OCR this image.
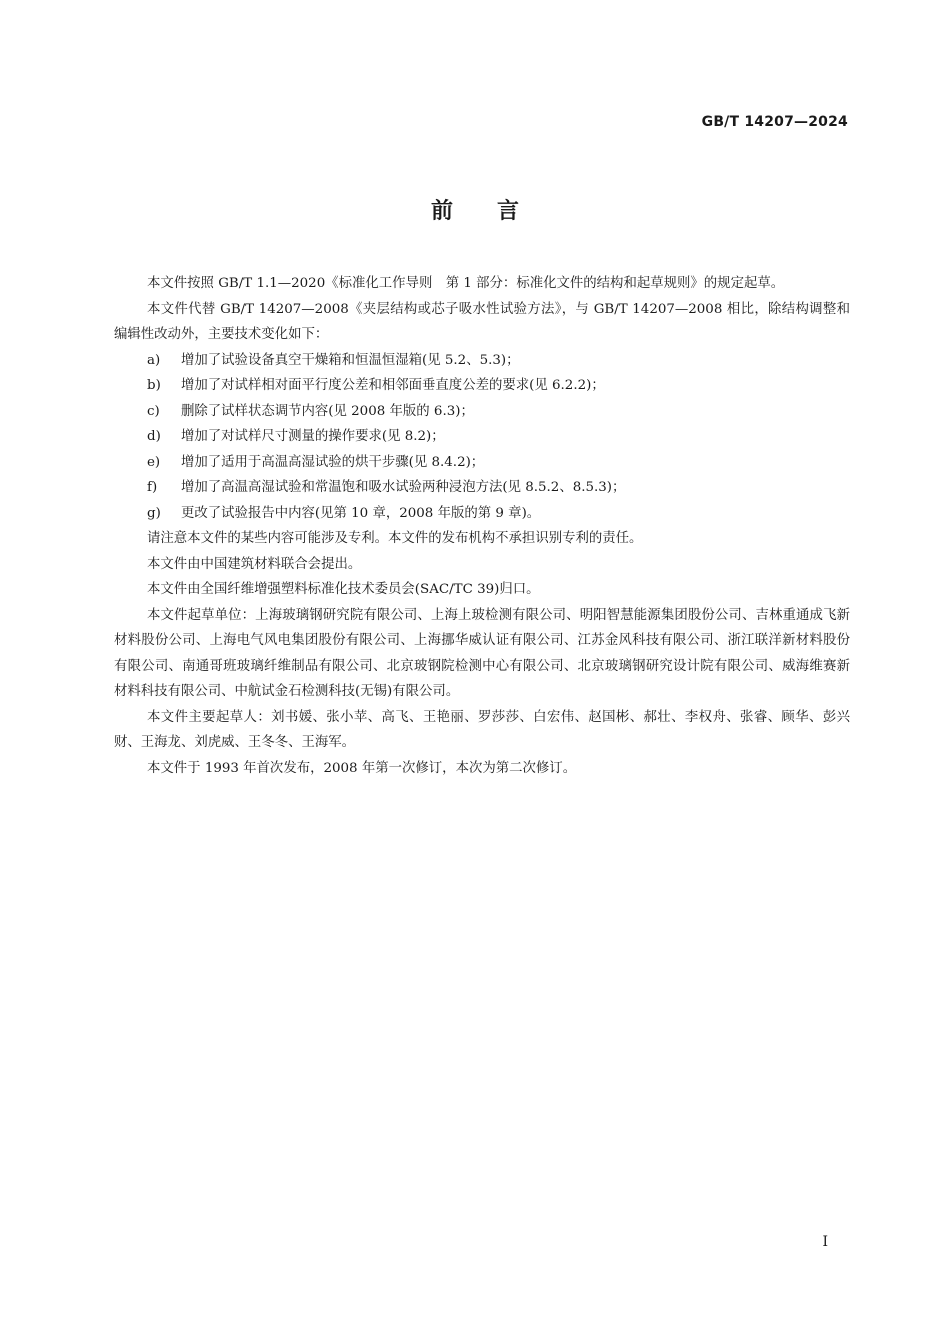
GB/T 14207—2024
前言

本文件按照 GB/T 1.1—2020《标准化工作导则　第 1 部分：标准化文件的结构和起草规则》的规定起草。

本文件代替 GB/T 14207—2008《夹层结构或芯子吸水性试验方法》，与 GB/T 14207—2008 相比，除结构调整和编辑性改动外，主要技术变化如下：

a)	增加了试验设备真空干燥箱和恒温恒湿箱(见 5.2、5.3)；
b)	增加了对试样相对面平行度公差和相邻面垂直度公差的要求(见 6.2.2)；
c)	删除了试样状态调节内容(见 2008 年版的 6.3)；
d)	增加了对试样尺寸测量的操作要求(见 8.2)；
e)	增加了适用于高温高湿试验的烘干步骤(见 8.4.2)；
f)	增加了高温高湿试验和常温饱和吸水试验两种浸泡方法(见 8.5.2、8.5.3)；
g)	更改了试验报告中内容(见第 10 章，2008 年版的第 9 章)。

请注意本文件的某些内容可能涉及专利。本文件的发布机构不承担识别专利的责任。

本文件由中国建筑材料联合会提出。

本文件由全国纤维增强塑料标准化技术委员会(SAC/TC 39)归口。

本文件起草单位：上海玻璃钢研究院有限公司、上海上玻检测有限公司、明阳智慧能源集团股份公司、吉林重通成飞新材料股份公司、上海电气风电集团股份有限公司、上海挪华威认证有限公司、江苏金风科技有限公司、浙江联洋新材料股份有限公司、南通哥班玻璃纤维制品有限公司、北京玻钢院检测中心有限公司、北京玻璃钢研究设计院有限公司、威海维赛新材料科技有限公司、中航试金石检测科技(无锡)有限公司。

本文件主要起草人：刘书媛、张小苹、高飞、王艳丽、罗莎莎、白宏伟、赵国彬、郝壮、李权舟、张睿、顾华、彭兴财、王海龙、刘虎威、王冬冬、王海军。

本文件于 1993 年首次发布，2008 年第一次修订，本次为第二次修订。

I
